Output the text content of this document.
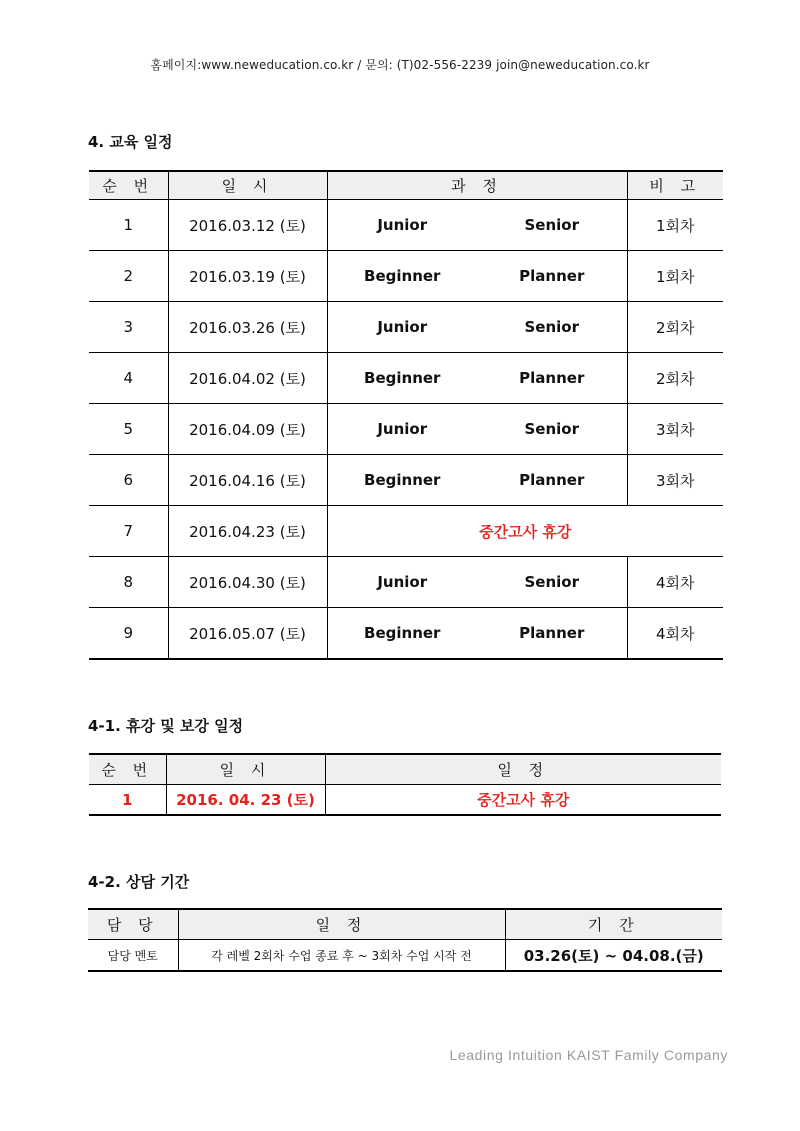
홈페이지:www.neweducation.co.kr / 문의: (T)02-556-2239 join@neweducation.co.kr
4. 교육 일정
순 번	일 시	과 정	비 고
1	2016.03.12 (토)	Junior Senior	1회차
2	2016.03.19 (토)	Beginner Planner	1회차
3	2016.03.26 (토)	Junior Senior	2회차
4	2016.04.02 (토)	Beginner Planner	2회차
5	2016.04.09 (토)	Junior Senior	3회차
6	2016.04.16 (토)	Beginner Planner	3회차
7	2016.04.23 (토)	중간고사 휴강	
8	2016.04.30 (토)	Junior Senior	4회차
9	2016.05.07 (토)	Beginner Planner	4회차
4-1. 휴강 및 보강 일정
순 번	일 시	일 정
1	2016. 04. 23 (토)	중간고사 휴강
4-2. 상담 기간
담 당	일 정	기 간
담당 멘토	각 레벨 2회차 수업 종료 후 ~ 3회차 수업 시작 전	03.26(토) ~ 04.08.(금)
Leading Intuition KAIST Family Company
